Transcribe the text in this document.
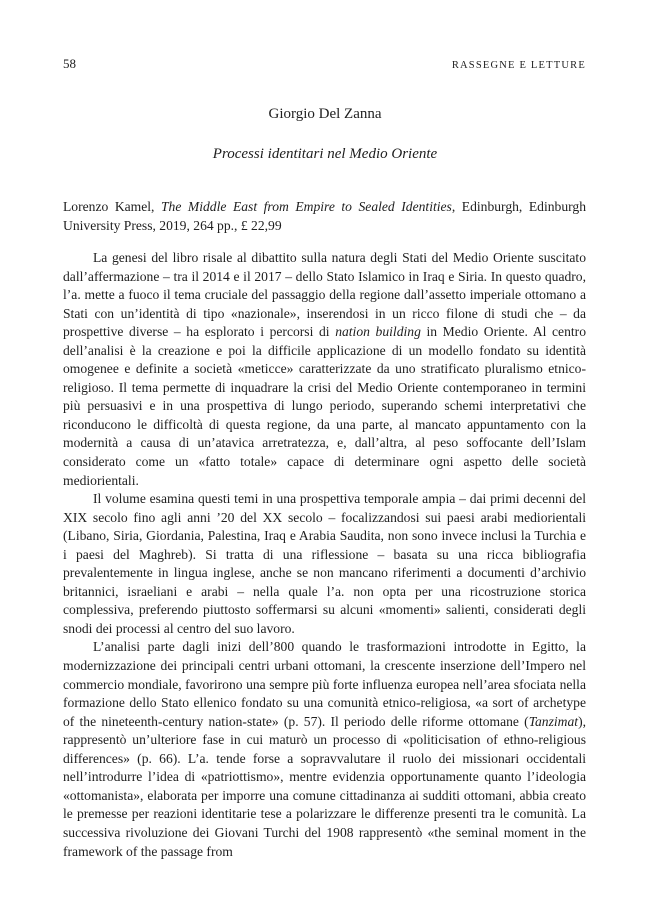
58	RASSEGNE E LETTURE
Giorgio Del Zanna
Processi identitari nel Medio Oriente
Lorenzo Kamel, The Middle East from Empire to Sealed Identities, Edinburgh, Edinburgh University Press, 2019, 264 pp., £ 22,99

La genesi del libro risale al dibattito sulla natura degli Stati del Medio Oriente suscitato dall’affermazione – tra il 2014 e il 2017 – dello Stato Islamico in Iraq e Siria. In questo quadro, l’a. mette a fuoco il tema cruciale del passaggio della regione dall’assetto imperiale ottomano a Stati con un’identità di tipo «nazionale», inserendosi in un ricco filone di studi che – da prospettive diverse – ha esplorato i percorsi di nation building in Medio Oriente. Al centro dell’analisi è la creazione e poi la difficile applicazione di un modello fondato su identità omogenee e definite a società «meticce» caratterizzate da uno stratificato pluralismo etnico-religioso. Il tema permette di inquadrare la crisi del Medio Oriente contemporaneo in termini più persuasivi e in una prospettiva di lungo periodo, superando schemi interpretativi che riconducono le difficoltà di questa regione, da una parte, al mancato appuntamento con la modernità a causa di un’atavica arretratezza, e, dall’altra, al peso soffocante dell’Islam considerato come un «fatto totale» capace di determinare ogni aspetto delle società mediorientali.

Il volume esamina questi temi in una prospettiva temporale ampia – dai primi decenni del XIX secolo fino agli anni ’20 del XX secolo – focalizzandosi sui paesi arabi mediorientali (Libano, Siria, Giordania, Palestina, Iraq e Arabia Saudita, non sono invece inclusi la Turchia e i paesi del Maghreb). Si tratta di una riflessione – basata su una ricca bibliografia prevalentemente in lingua inglese, anche se non mancano riferimenti a documenti d’archivio britannici, israeliani e arabi – nella quale l’a. non opta per una ricostruzione storica complessiva, preferendo piuttosto soffermarsi su alcuni «momenti» salienti, considerati degli snodi dei processi al centro del suo lavoro.

L’analisi parte dagli inizi dell’800 quando le trasformazioni introdotte in Egitto, la modernizzazione dei principali centri urbani ottomani, la crescente inserzione dell’Impero nel commercio mondiale, favorirono una sempre più forte influenza europea nell’area sfociata nella formazione dello Stato ellenico fondato su una comunità etnico-religiosa, «a sort of archetype of the nineteenth-century nation-state» (p. 57). Il periodo delle riforme ottomane (Tanzimat), rappresentò un’ulteriore fase in cui maturò un processo di «politicisation of ethno-religious differences» (p. 66). L’a. tende forse a sopravvalutare il ruolo dei missionari occidentali nell’introdurre l’idea di «patriottismo», mentre evidenzia opportunamente quanto l’ideologia «ottomanista», elaborata per imporre una comune cittadinanza ai sudditi ottomani, abbia creato le premesse per reazioni identitarie tese a polarizzare le differenze presenti tra le comunità. La successiva rivoluzione dei Giovani Turchi del 1908 rappresentò «the seminal moment in the framework of the passage from
